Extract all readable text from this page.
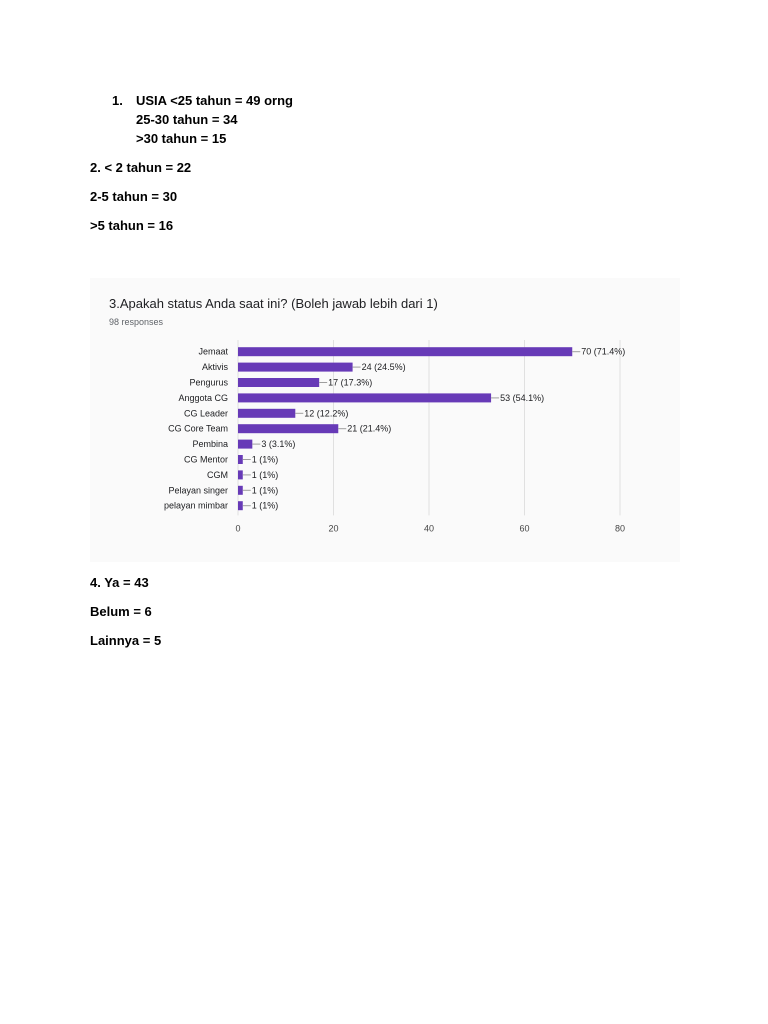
1. USIA <25 tahun = 49 orng
25-30 tahun = 34
>30 tahun = 15
2. < 2 tahun = 22
2-5 tahun = 30
>5 tahun = 16
3.Apakah status Anda saat ini? (Boleh jawab lebih dari 1)
98 responses
0	20	40	60	80
Jemaat	70 (71.4%)
Aktivis	24 (24.5%)
Pengurus	17 (17.3%)
Anggota CG	53 (54.1%)
CG Leader	12 (12.2%)
CG Core Team	21 (21.4%)
Pembina	3 (3.1%)
CG Mentor	1 (1%)
CGM	1 (1%)
Pelayan singer	1 (1%)
pelayan mimbar	1 (1%)
4. Ya = 43
Belum = 6
Lainnya = 5
